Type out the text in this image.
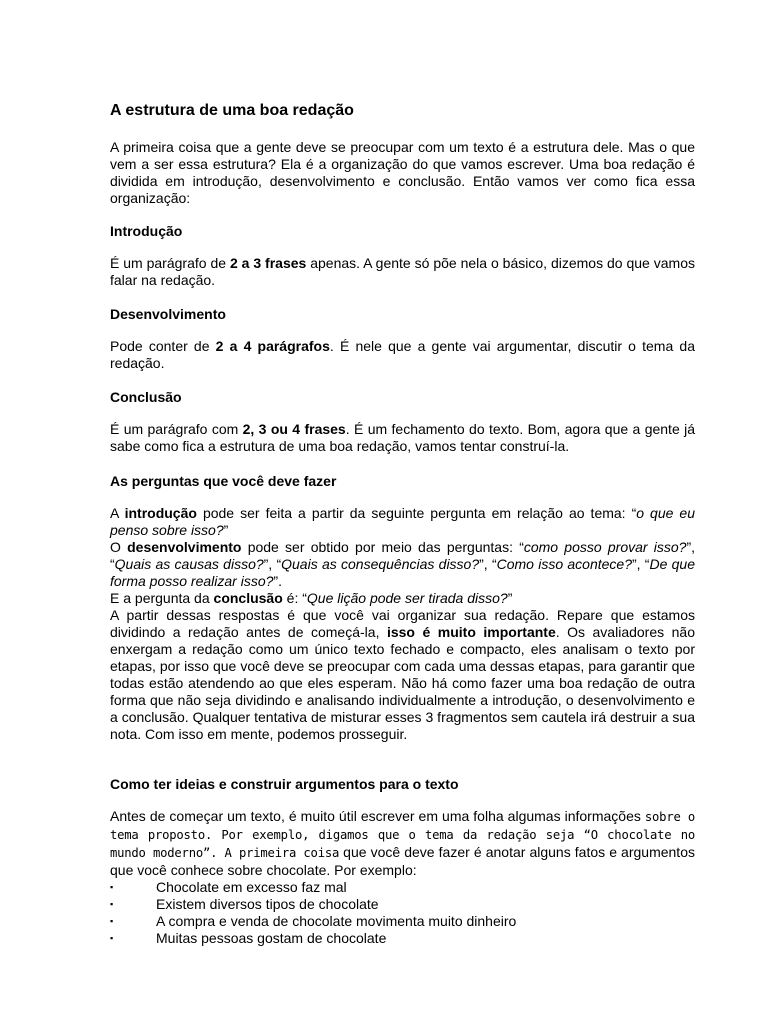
A estrutura de uma boa redação

A primeira coisa que a gente deve se preocupar com um texto é a estrutura dele. Mas o que vem a ser essa estrutura? Ela é a organização do que vamos escrever. Uma boa redação é dividida em introdução, desenvolvimento e conclusão. Então vamos ver como fica essa organização:

Introdução

É um parágrafo de 2 a 3 frases apenas. A gente só põe nela o básico, dizemos do que vamos falar na redação.

Desenvolvimento

Pode conter de 2 a 4 parágrafos. É nele que a gente vai argumentar, discutir o tema da redação.

Conclusão

É um parágrafo com 2, 3 ou 4 frases. É um fechamento do texto. Bom, agora que a gente já sabe como fica a estrutura de uma boa redação, vamos tentar construí-la.

As perguntas que você deve fazer

A introdução pode ser feita a partir da seguinte pergunta em relação ao tema: “o que eu penso sobre isso?”

O desenvolvimento pode ser obtido por meio das perguntas: “como posso provar isso?”, “Quais as causas disso?”, “Quais as consequências disso?”, “Como isso acontece?”, “De que forma posso realizar isso?”.

E a pergunta da conclusão é: “Que lição pode ser tirada disso?”

A partir dessas respostas é que você vai organizar sua redação. Repare que estamos dividindo a redação antes de começá-la, isso é muito importante. Os avaliadores não enxergam a redação como um único texto fechado e compacto, eles analisam o texto por etapas, por isso que você deve se preocupar com cada uma dessas etapas, para garantir que todas estão atendendo ao que eles esperam. Não há como fazer uma boa redação de outra forma que não seja dividindo e analisando individualmente a introdução, o desenvolvimento e a conclusão. Qualquer tentativa de misturar esses 3 fragmentos sem cautela irá destruir a sua nota. Com isso em mente, podemos prosseguir.

Como ter ideias e construir argumentos para o texto

Antes de começar um texto, é muito útil escrever em uma folha algumas informações sobre o tema proposto. Por exemplo, digamos que o tema da redação seja “O chocolate no mundo moderno”. A primeira coisa que você deve fazer é anotar alguns fatos e argumentos que você conhece sobre chocolate. Por exemplo:

▪	Chocolate em excesso faz mal
▪	Existem diversos tipos de chocolate
▪	A compra e venda de chocolate movimenta muito dinheiro
▪	Muitas pessoas gostam de chocolate
